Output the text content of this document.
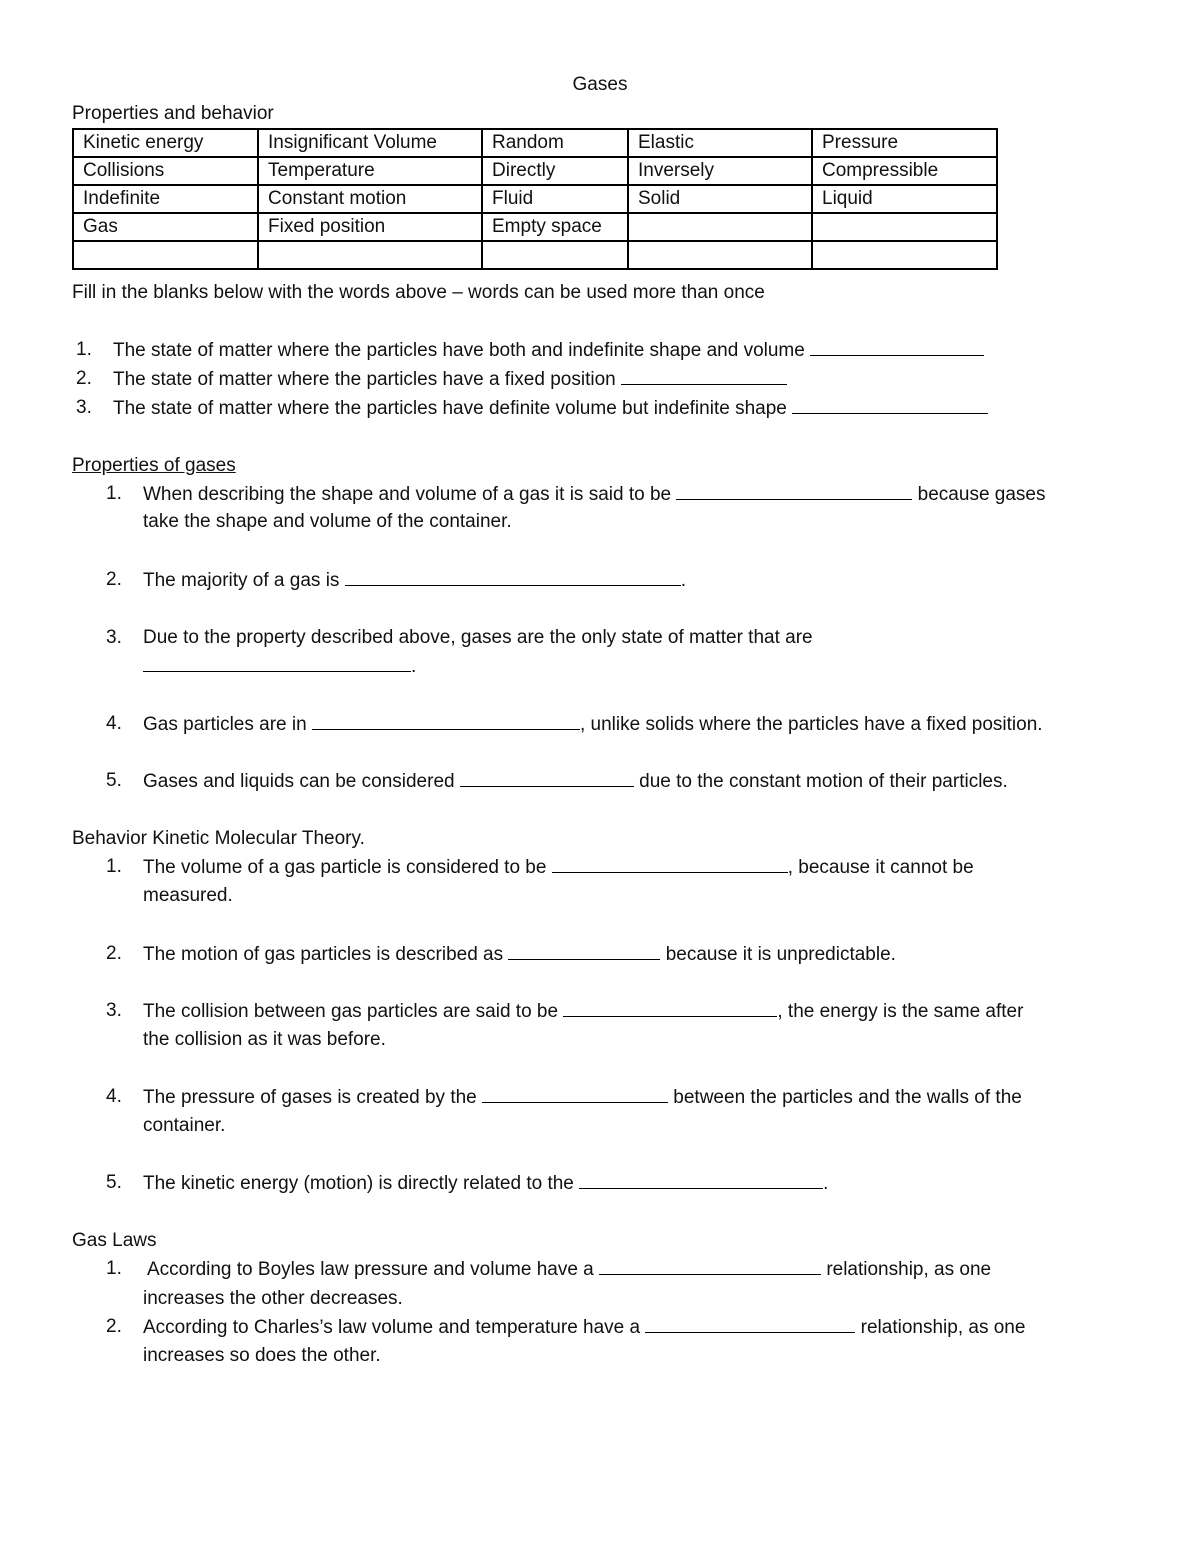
Gases
Properties and behavior
Kinetic energy	Insignificant Volume	Random	Elastic	Pressure
Collisions	Temperature	Directly	Inversely	Compressible
Indefinite	Constant motion	Fluid	Solid	Liquid
Gas	Fixed position	Empty space		

Fill in the blanks below with the words above – words can be used more than once
1. The state of matter where the particles have both and indefinite shape and volume
2. The state of matter where the particles have a fixed position
3. The state of matter where the particles have definite volume but indefinite shape
Properties of gases
1. When describing the shape and volume of a gas it is said to be	because gases
take the shape and volume of the container.
2. The majority of a gas is	.
3. Due to the property described above, gases are the only state of matter that are
.
4. Gas particles are in	, unlike solids where the particles have a fixed position.
5. Gases and liquids can be considered	due to the constant motion of their particles.
Behavior Kinetic Molecular Theory.
1. The volume of a gas particle is considered to be	, because it cannot be
measured.
2. The motion of gas particles is described as	because it is unpredictable.
3. The collision between gas particles are said to be	, the energy is the same after
the collision as it was before.
4. The pressure of gases is created by the	between the particles and the walls of the
container.
5. The kinetic energy (motion) is directly related to the	.
Gas Laws
1. According to Boyles law pressure and volume have a	relationship, as one
increases the other decreases.
2. According to Charles’s law volume and temperature have a	relationship, as one
increases so does the other.
